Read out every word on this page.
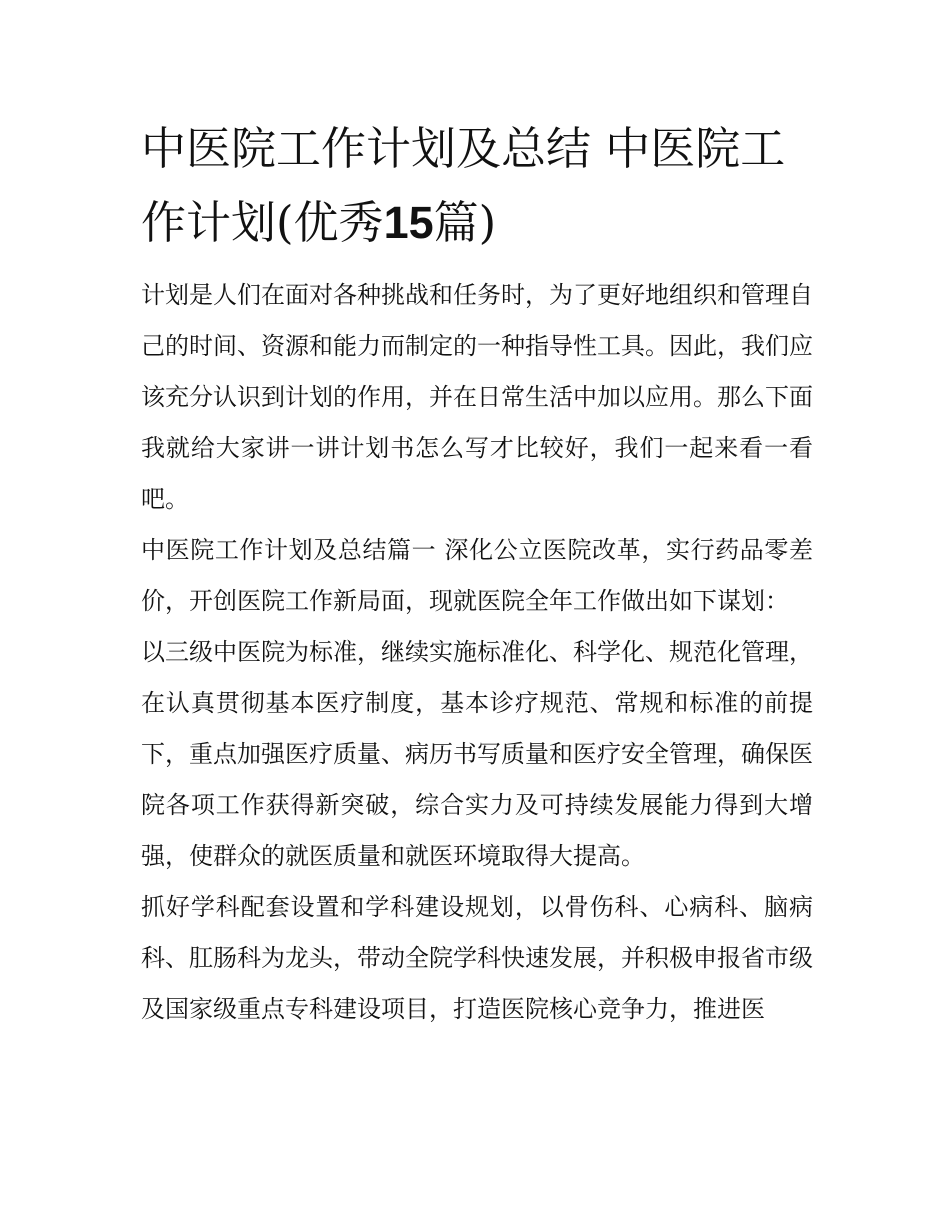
中医院工作计划及总结 中医院工作计划(优秀15篇)

计划是人们在面对各种挑战和任务时，为了更好地组织和管理自己的时间、资源和能力而制定的一种指导性工具。因此，我们应该充分认识到计划的作用，并在日常生活中加以应用。那么下面我就给大家讲一讲计划书怎么写才比较好，我们一起来看一看吧。

中医院工作计划及总结篇一 深化公立医院改革，实行药品零差价，开创医院工作新局面，现就医院全年工作做出如下谋划：

以三级中医院为标准，继续实施标准化、科学化、规范化管理，在认真贯彻基本医疗制度，基本诊疗规范、常规和标准的前提下，重点加强医疗质量、病历书写质量和医疗安全管理，确保医院各项工作获得新突破，综合实力及可持续发展能力得到大增强，使群众的就医质量和就医环境取得大提高。

抓好学科配套设置和学科建设规划，以骨伤科、心病科、脑病科、肛肠科为龙头，带动全院学科快速发展，并积极申报省市级及国家级重点专科建设项目，打造医院核心竞争力，推进医
